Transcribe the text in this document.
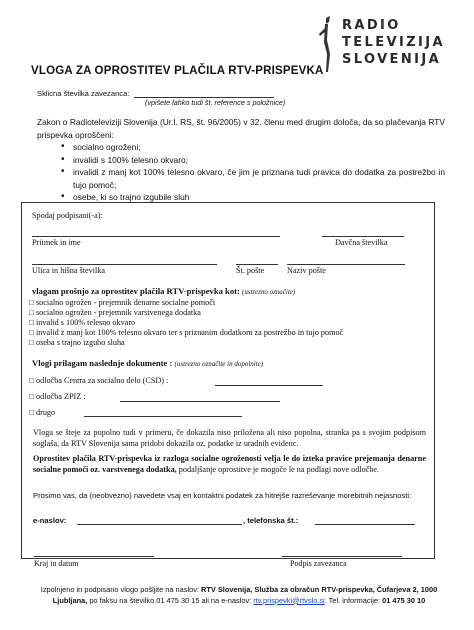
RADIO
TELEVIZIJA
SLOVENIJA
VLOGA ZA OPROSTITEV PLAČILA RTV-PRISPEVKA
Sklicna številka zavezanca:
(vpišete lahko tudi št. reference s položnice)
Zakon o Radioteleviziji Slovenija (Ur.l. RS, št. 96/2005) v 32. členu med drugim določa, da so plačevanja RTV prispevka oproščeni:
• socialno ogroženi;
• invalidi s 100% telesno okvaro;
• invalidi z manj kot 100% telesno okvaro, če jim je priznana tudi pravica do dodatka za postrežbo in tujo pomoč;
• osebe, ki so trajno izgubile sluh
Spodaj podpisani(-a):
Priimek in ime	Davčna številka
Ulica in hišna številka	Št. pošte	Naziv pošte
vlagam prošnjo za oprostitev plačila RTV-prispevka kot: (ustrezno označite)
□ socialno ogrožen - prejemnik denarne socialne pomoči
□ socialno ogrožen - prejemnik varstvenega dodatka
□ invalid s 100% telesno okvaro
□ invalid z manj kot 100% telesno okvaro ter s priznanim dodatkom za postrežbo in tujo pomoč
□ oseba s trajno izgubo sluha
Vlogi prilagam naslednje dokumente : (ustrezno označite in dopolnite)
□ odločba Centra za socialno delo (CSD) :
□ odločba ZPIZ :
□ drugo
Vloga se šteje za popolno tudi v primeru, če dokazila niso priložena ali niso popolna, stranka pa s svojim podpisom soglaša, da RTV Slovenija sama pridobi dokazila oz. podatke iz uradnih evidenc.
Oprostitev plačila RTV-prispevka iz razloga socialne ogroženosti velja le do izteka pravice prejemanja denarne socialne pomoči oz. varstvenega dodatka, podaljšanje oprostitve je mogoče le na podlagi nove odločbe.
Prosimo vas, da (neobvezno) navedete vsaj en kontaktni podatek za hitrejše razreševanje morebitnih nejasnosti:
e-naslov:	, telefonska št.:
Kraj in datum	Podpis zavezanca
Izpolnjeno in podpisano vlogo pošljite na naslov: RTV Slovenija, Služba za obračun RTV-prispevka, Čufarjeva 2, 1000 Ljubljana, po faksu na številko 01 475 30 15 ali na e-naslov: rtv.prispevki@rtvslo.si. Tel. informacije: 01 475 30 10
